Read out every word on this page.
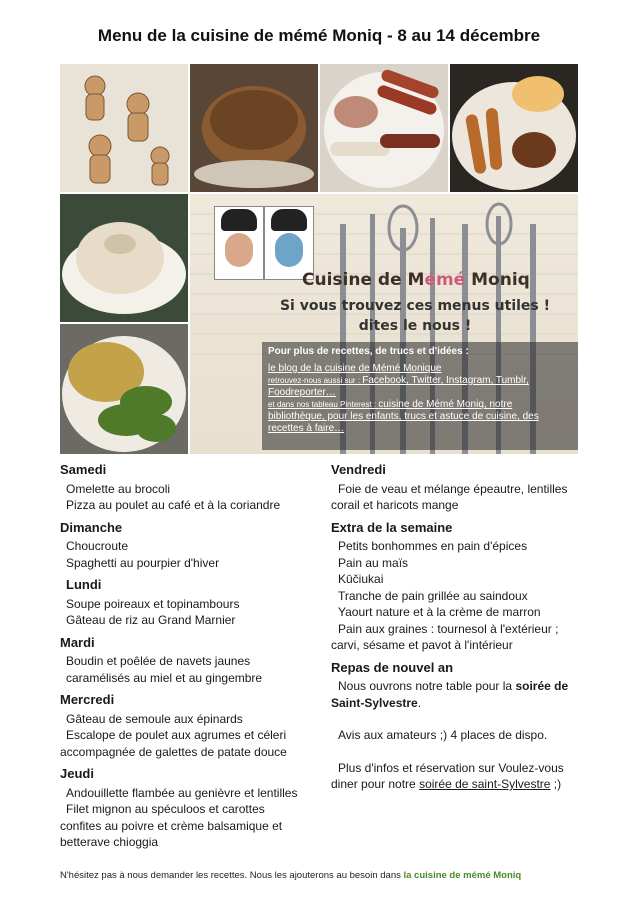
Menu de la cuisine de mémé Moniq - 8 au 14 décembre
Cuisine de Mémé Moniq
Si vous trouvez ces menus utiles !
dites le nous !
Pour plus de recettes, de trucs et d'idées :
le blog de la cuisine de Mémé Monique
retrouvez-nous aussi sur : Facebook, Twitter, Instagram, Tumblr, Foodreporter…
et dans nos tableau Pinterest : cuisine de Mémé Moniq, notre bibliothèque, pour les enfants, trucs et astuce de cuisine, des recettes à faire…
Samedi
Omelette au brocoli
Pizza au poulet au café et à la coriandre
Dimanche
Choucroute
Spaghetti au pourpier d'hiver
Lundi
Soupe poireaux et topinambours
Gâteau de riz au Grand Marnier
Mardi
Boudin et poêlée de navets jaunes caramélisés au miel et au gingembre
Mercredi
Gâteau de semoule aux épinards
Escalope de poulet aux agrumes et céleri accompagnée de galettes de patate douce
Jeudi
Andouillette flambée au genièvre et lentilles
Filet mignon au spéculoos et carottes confites au poivre et crème balsamique et betterave chioggia
Vendredi
Foie de veau et mélange épeautre, lentilles corail et haricots mange
Extra de la semaine
Petits bonhommes en pain d'épices
Pain au maïs
Kūčiukai
Tranche de pain grillée au saindoux
Yaourt nature et à la crème de marron
Pain aux graines : tournesol à l'extérieur ; carvi, sésame et pavot à l'intérieur
Repas de nouvel an

Nous ouvrons notre table pour la soirée de Saint-Sylvestre.

Avis aux amateurs ;) 4 places de dispo.

Plus d'infos et réservation sur Voulez-vous diner pour notre soirée de saint-Sylvestre ;)

N'hésitez pas à nous demander les recettes. Nous les ajouterons au besoin dans la cuisine de mémé Moniq
